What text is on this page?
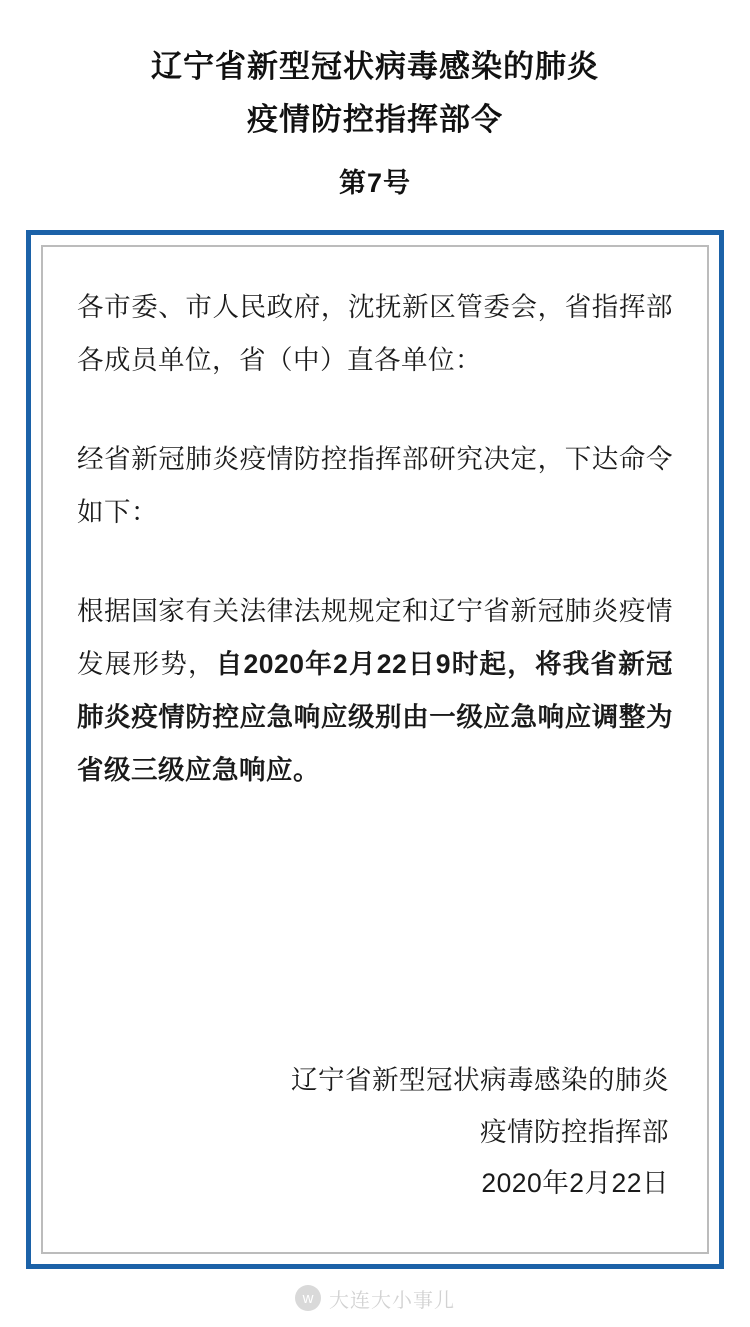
辽宁省新型冠状病毒感染的肺炎
疫情防控指挥部令
第7号

各市委、市人民政府，沈抚新区管委会，省指挥部各成员单位，省（中）直各单位：

经省新冠肺炎疫情防控指挥部研究决定，下达命令如下：

根据国家有关法律法规规定和辽宁省新冠肺炎疫情发展形势，自2020年2月22日9时起，将我省新冠肺炎疫情防控应急响应级别由一级应急响应调整为省级三级应急响应。

辽宁省新型冠状病毒感染的肺炎
疫情防控指挥部
2020年2月22日
w 大连大小事儿
